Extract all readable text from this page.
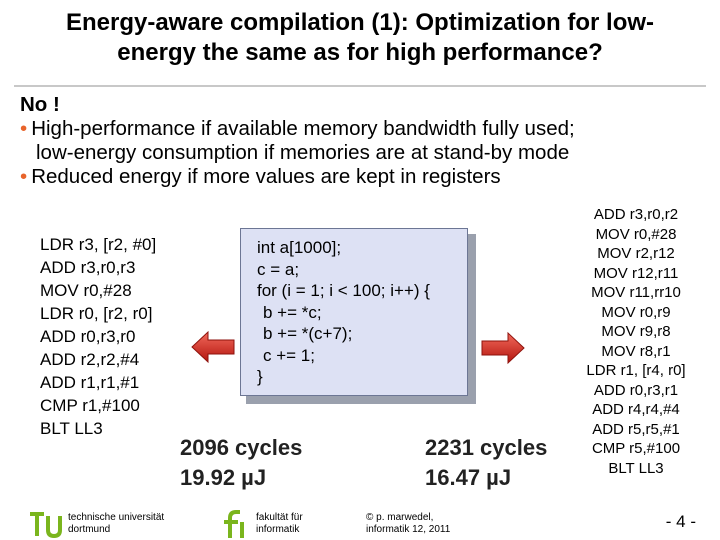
Energy-aware compilation (1): Optimization for low-
energy the same as for high performance?
No !
• High-performance if available memory bandwidth fully used;
low-energy consumption if memories are at stand-by mode
• Reduced energy if more values are kept in registers
LDR r3, [r2, #0]
ADD r3,r0,r3
MOV r0,#28
LDR r0, [r2, r0]
ADD r0,r3,r0
ADD r2,r2,#4
ADD r1,r1,#1
CMP r1,#100
BLT LL3
int a[1000];
c = a;
for (i = 1; i < 100; i++) {
b += *c;
b += *(c+7);
c += 1;
}
ADD r3,r0,r2
MOV r0,#28
MOV r2,r12
MOV r12,r11
MOV r11,rr10
MOV r0,r9
MOV r9,r8
MOV r8,r1
LDR r1, [r4, r0]
ADD r0,r3,r1
ADD r4,r4,#4
ADD r5,r5,#1
CMP r5,#100
BLT LL3
2096 cycles
19.92 µJ
2231 cycles
16.47 µJ
technische universität
dortmund
fakultät für
informatik
© p. marwedel,
informatik 12, 2011	- 4 -
